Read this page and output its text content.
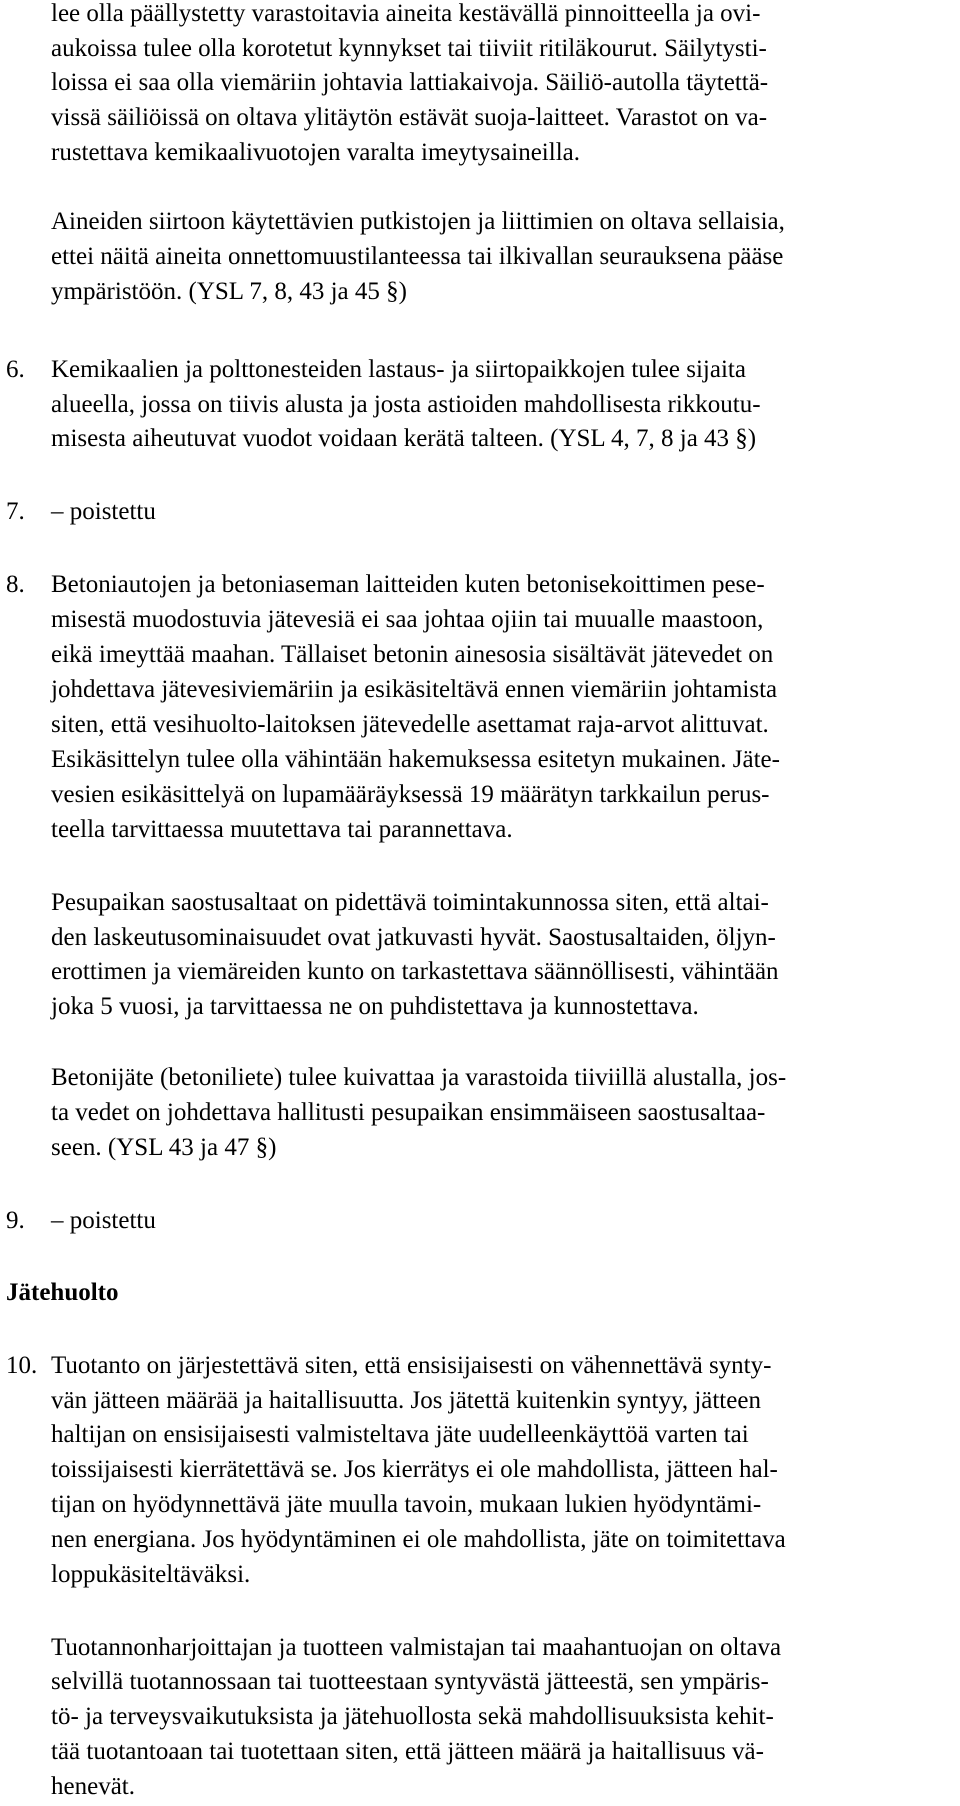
lee olla päällystetty varastoitavia aineita kestävällä pinnoitteella ja ovi-
aukoissa tulee olla korotetut kynnykset tai tiiviit ritiläkourut. Säilytysti-
loissa ei saa olla viemäriin johtavia lattiakaivoja. Säiliö-autolla täytettä-
vissä säiliöissä on oltava ylitäytön estävät suoja-laitteet. Varastot on va-
rustettava kemikaalivuotojen varalta imeytysaineilla.
Aineiden siirtoon käytettävien putkistojen ja liittimien on oltava sellaisia,
ettei näitä aineita onnettomuustilanteessa tai ilkivallan seurauksena pääse
ympäristöön. (YSL 7, 8, 43 ja 45 §)
6. Kemikaalien ja polttonesteiden lastaus- ja siirtopaikkojen tulee sijaita
alueella, jossa on tiivis alusta ja josta astioiden mahdollisesta rikkoutu-
misesta aiheutuvat vuodot voidaan kerätä talteen. (YSL 4, 7, 8 ja 43 §)
7. – poistettu
8. Betoniautojen ja betoniaseman laitteiden kuten betonisekoittimen pese-
misestä muodostuvia jätevesiä ei saa johtaa ojiin tai muualle maastoon,
eikä imeyttää maahan. Tällaiset betonin ainesosia sisältävät jätevedet on
johdettava jätevesiviemäriin ja esikäsiteltävä ennen viemäriin johtamista
siten, että vesihuolto-laitoksen jätevedelle asettamat raja-arvot alittuvat.
Esikäsittelyn tulee olla vähintään hakemuksessa esitetyn mukainen. Jäte-
vesien esikäsittelyä on lupamääräyksessä 19 määrätyn tarkkailun perus-
teella tarvittaessa muutettava tai parannettava.
Pesupaikan saostusaltaat on pidettävä toimintakunnossa siten, että altai-
den laskeutusominaisuudet ovat jatkuvasti hyvät. Saostusaltaiden, öljyn-
erottimen ja viemäreiden kunto on tarkastettava säännöllisesti, vähintään
joka 5 vuosi, ja tarvittaessa ne on puhdistettava ja kunnostettava.
Betonijäte (betoniliete) tulee kuivattaa ja varastoida tiiviillä alustalla, jos-
ta vedet on johdettava hallitusti pesupaikan ensimmäiseen saostusaltaa-
seen. (YSL 43 ja 47 §)
9. – poistettu
Jätehuolto
10. Tuotanto on järjestettävä siten, että ensisijaisesti on vähennettävä synty-
vän jätteen määrää ja haitallisuutta. Jos jätettä kuitenkin syntyy, jätteen
haltijan on ensisijaisesti valmisteltava jäte uudelleenkäyttöä varten tai
toissijaisesti kierrätettävä se. Jos kierrätys ei ole mahdollista, jätteen hal-
tijan on hyödynnettävä jäte muulla tavoin, mukaan lukien hyödyntämi-
nen energiana. Jos hyödyntäminen ei ole mahdollista, jäte on toimitettava
loppukäsiteltäväksi.
Tuotannonharjoittajan ja tuotteen valmistajan tai maahantuojan on oltava
selvillä tuotannossaan tai tuotteestaan syntyvästä jätteestä, sen ympäris-
tö- ja terveysvaikutuksista ja jätehuollosta sekä mahdollisuuksista kehit-
tää tuotantoaan tai tuotettaan siten, että jätteen määrä ja haitallisuus vä-
henevät.
